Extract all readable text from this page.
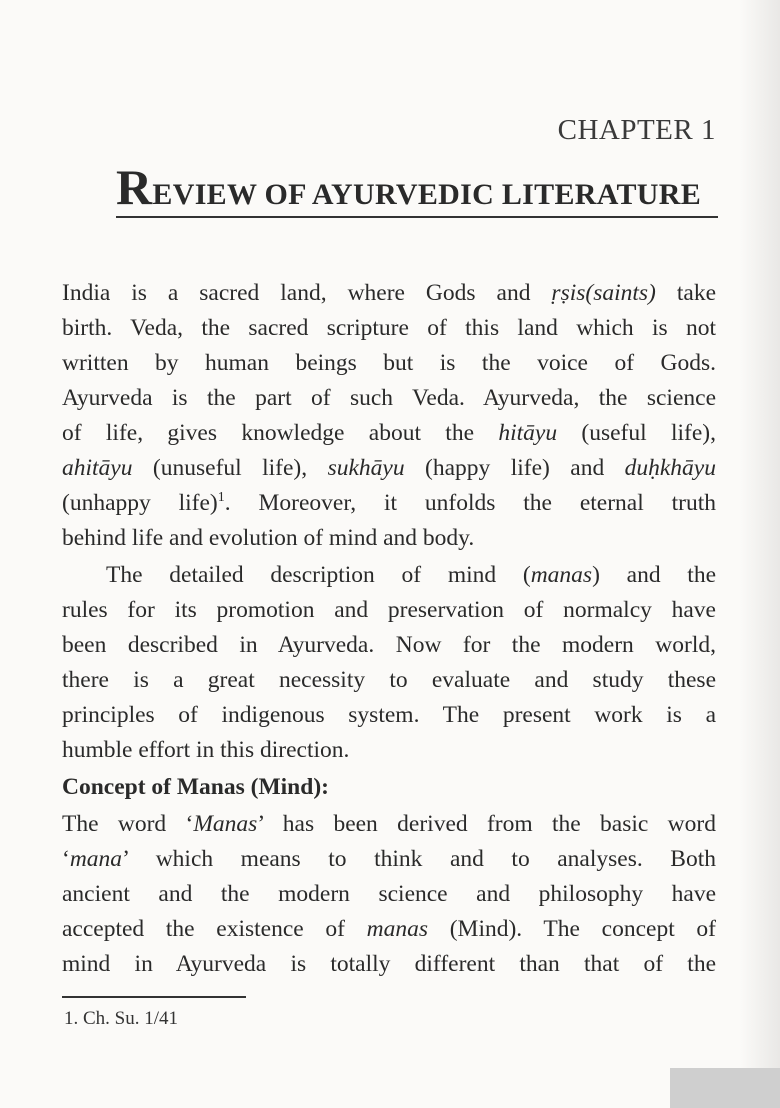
CHAPTER 1
REVIEW OF AYURVEDIC LITERATURE
India is a sacred land, where Gods and ṛṣis(saints) take
birth. Veda, the sacred scripture of this land which is not
written by human beings but is the voice of Gods.
Ayurveda is the part of such Veda. Ayurveda, the science
of life, gives knowledge about the hitāyu (useful life),
ahitāyu (unuseful life), sukhāyu (happy life) and duḥkhāyu
(unhappy life)$^1$. Moreover, it unfolds the eternal truth
behind life and evolution of mind and body.
The detailed description of mind (manas) and the
rules for its promotion and preservation of normalcy have
been described in Ayurveda. Now for the modern world,
there is a great necessity to evaluate and study these
principles of indigenous system. The present work is a
humble effort in this direction.
Concept of Manas (Mind):
The word ‘Manas’ has been derived from the basic word
‘mana’ which means to think and to analyses. Both
ancient and the modern science and philosophy have
accepted the existence of manas (Mind). The concept of
mind in Ayurveda is totally different than that of the
1. Ch. Su. 1/41
